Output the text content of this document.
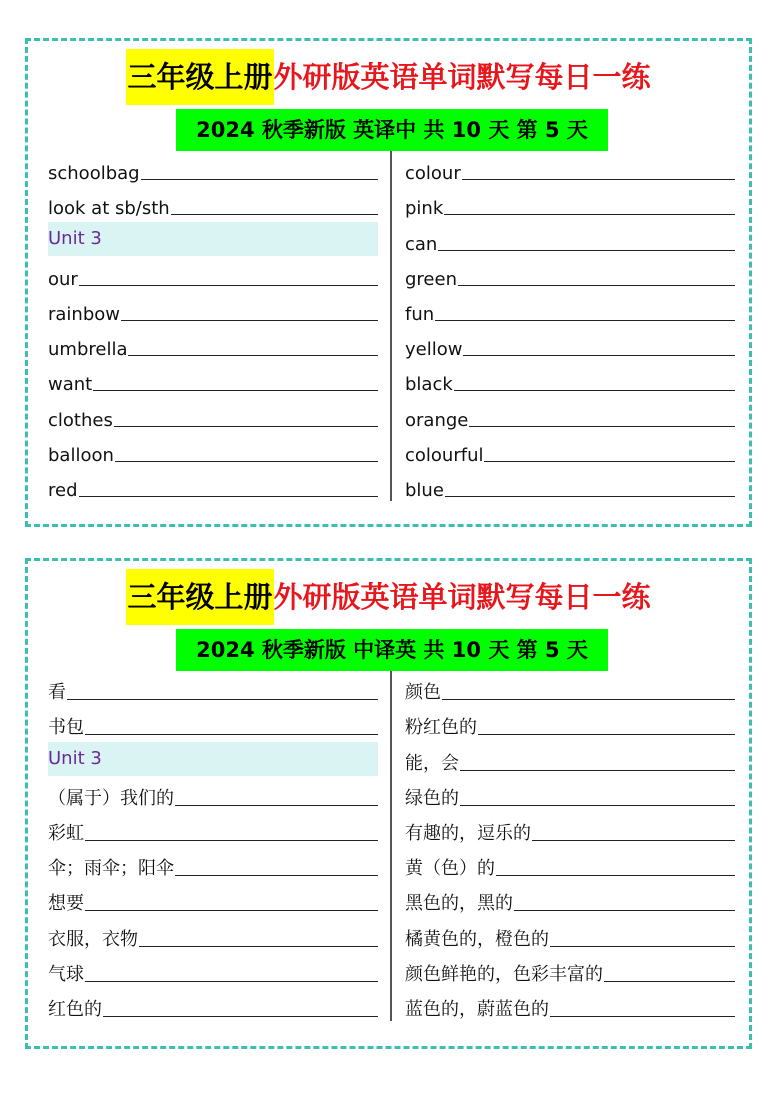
三年级上册外研版英语单词默写每日一练
2024 秋季新版 英译中 共 10 天 第 5 天
schoolbag
look at sb/sth
Unit 3
our
rainbow
umbrella
want
clothes
balloon
red
colour
pink
can
green
fun
yellow
black
orange
colourful
blue
三年级上册外研版英语单词默写每日一练
2024 秋季新版 中译英 共 10 天 第 5 天
看
书包
Unit 3
（属于）我们的
彩虹
伞；雨伞；阳伞
想要
衣服，衣物
气球
红色的
颜色
粉红色的
能，会
绿色的
有趣的，逗乐的
黄（色）的
黑色的，黑的
橘黄色的，橙色的
颜色鲜艳的，色彩丰富的
蓝色的，蔚蓝色的
